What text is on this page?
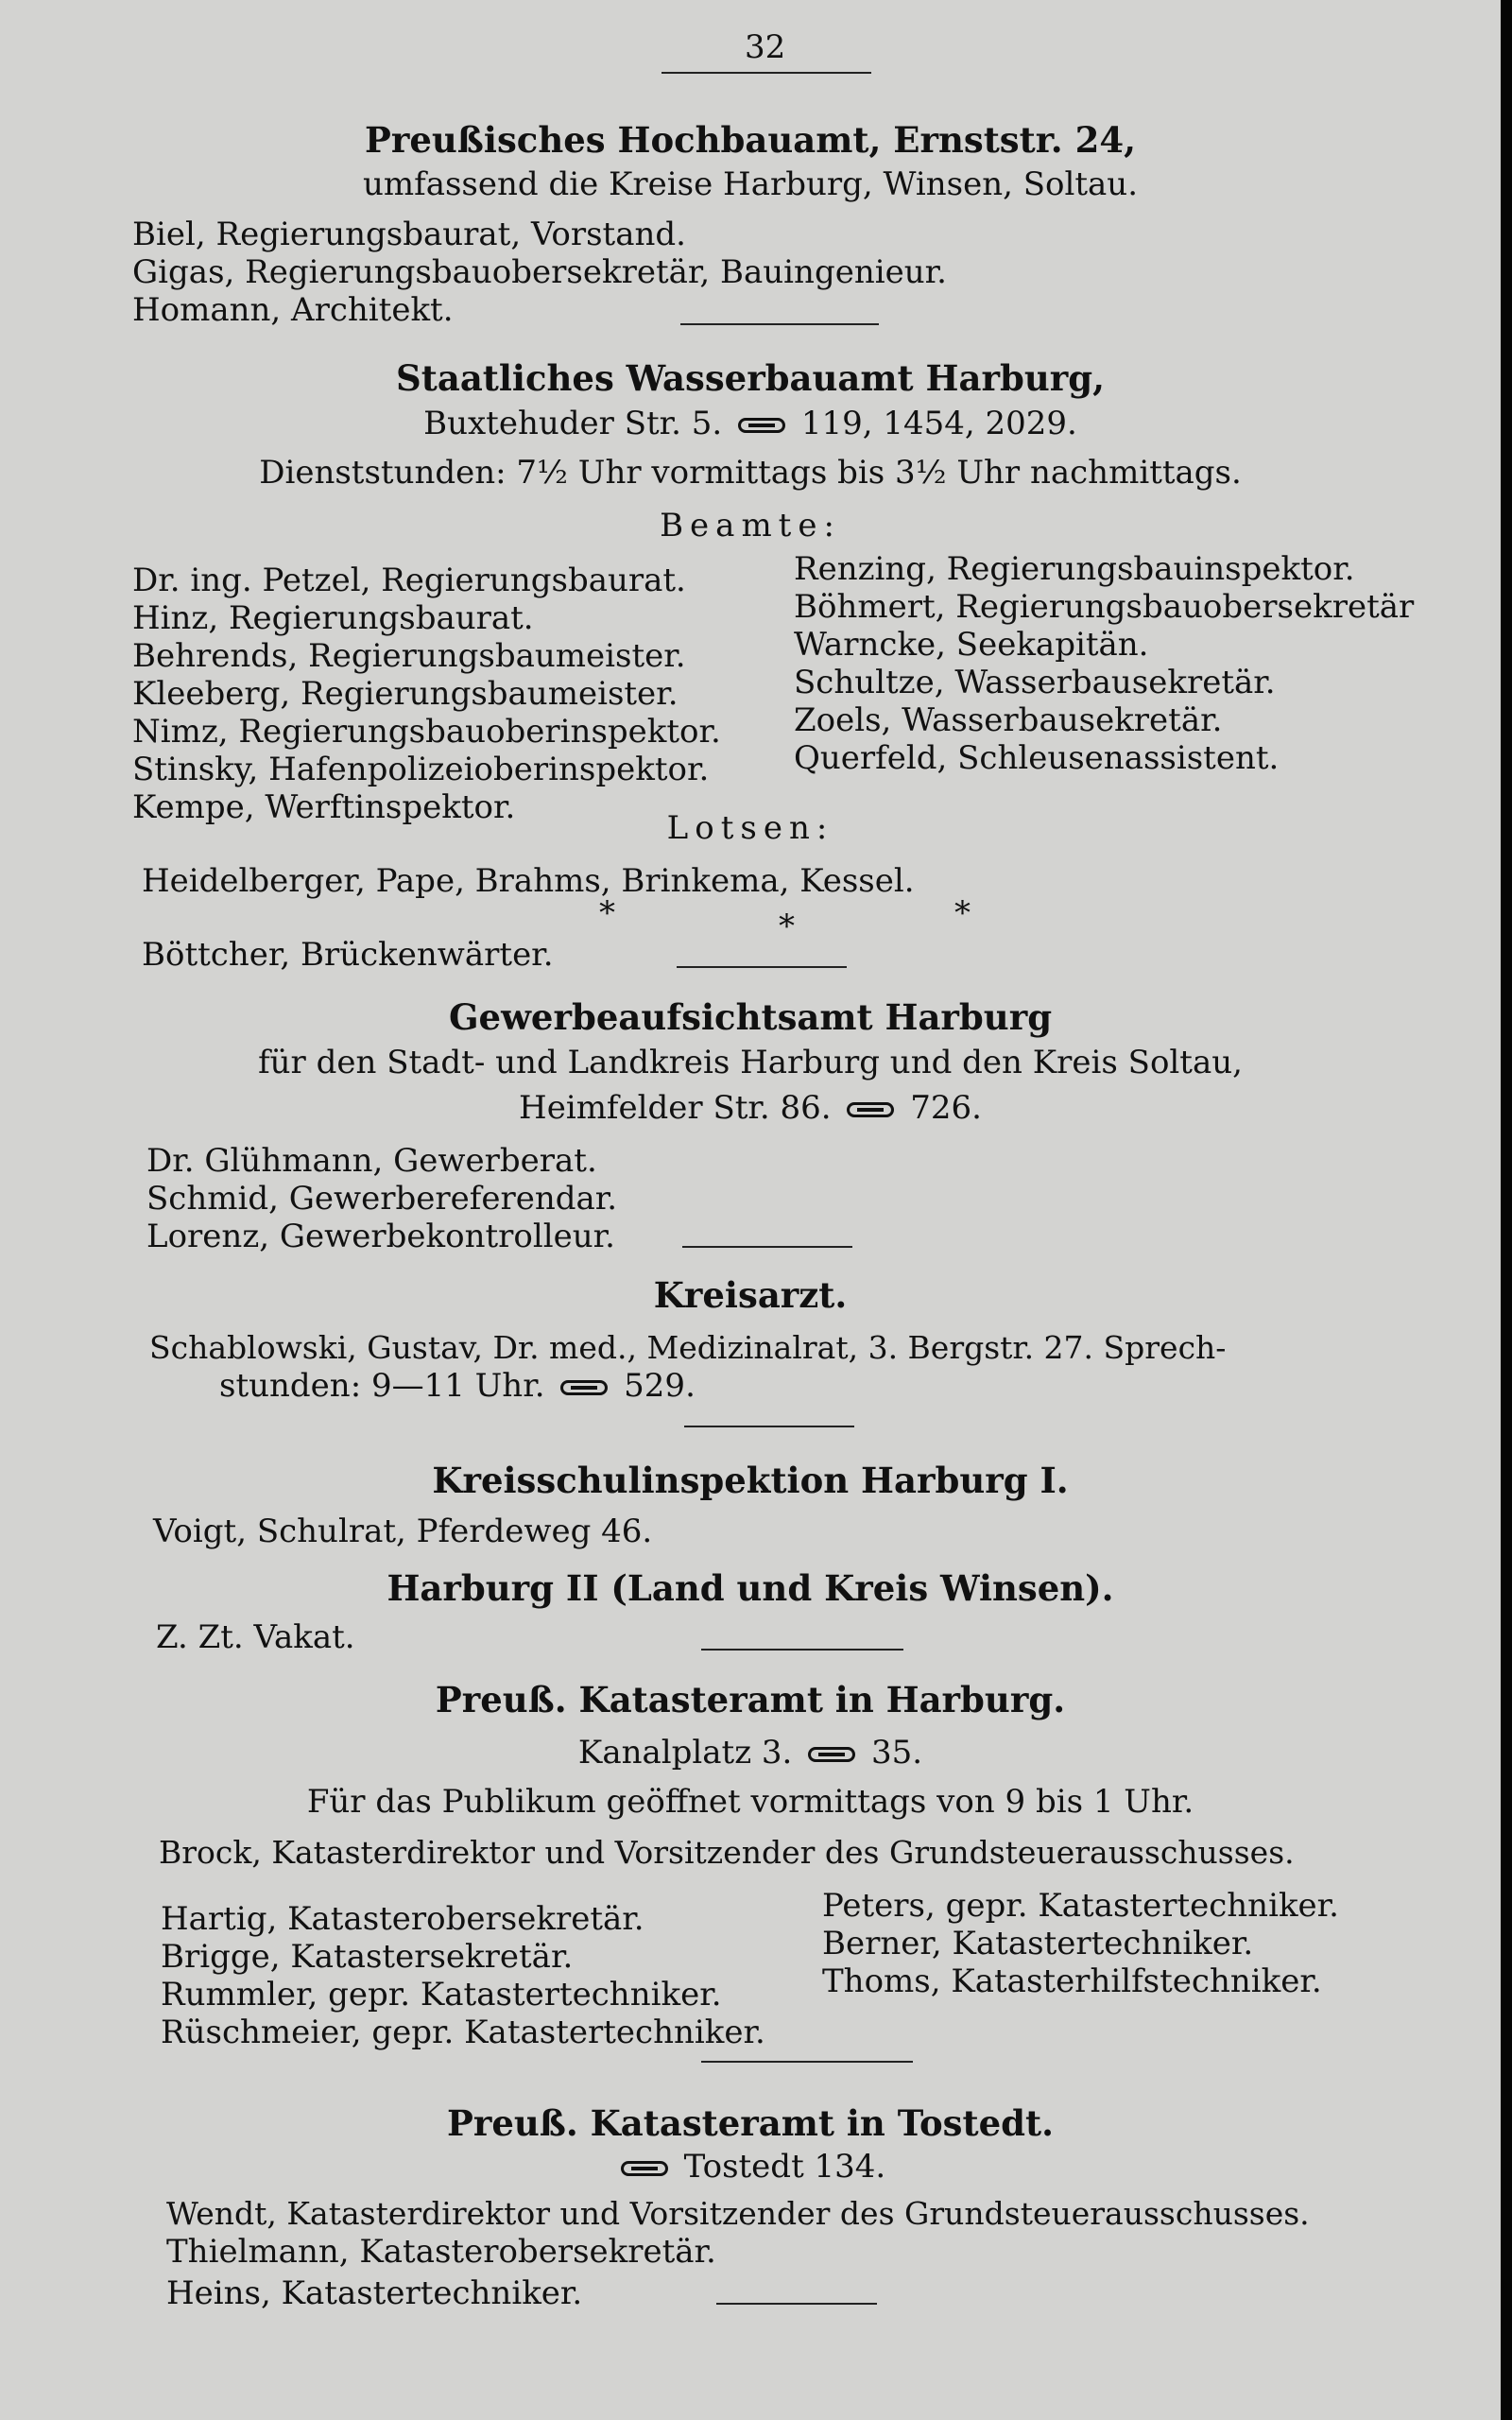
32
Preußisches Hochbauamt, Ernststr. 24,
umfassend die Kreise Harburg, Winsen, Soltau.
Biel, Regierungsbaurat, Vorstand.
Gigas, Regierungsbauobersekretär, Bauingenieur.
Homann, Architekt.
Staatliches Wasserbauamt Harburg,
Buxtehuder Str. 5. 119, 1454, 2029.
Dienststunden: 7½ Uhr vormittags bis 3½ Uhr nachmittags.
Beamte:
Dr. ing. Petzel, Regierungsbaurat.
Hinz, Regierungsbaurat.
Behrends, Regierungsbaumeister.
Kleeberg, Regierungsbaumeister.
Nimz, Regierungsbauoberinspektor.
Stinsky, Hafenpolizeioberinspektor.
Kempe, Werftinspektor.
Renzing, Regierungsbauinspektor.
Böhmert, Regierungsbauobersekretär
Warncke, Seekapitän.
Schultze, Wasserbausekretär.
Zoels, Wasserbausekretär.
Querfeld, Schleusenassistent.
Lotsen:
Heidelberger, Pape, Brahms, Brinkema, Kessel.
*	*	*
Böttcher, Brückenwärter.
Gewerbeaufsichtsamt Harburg
für den Stadt- und Landkreis Harburg und den Kreis Soltau,
Heimfelder Str. 86. 726.
Dr. Glühmann, Gewerberat.
Schmid, Gewerbereferendar.
Lorenz, Gewerbekontrolleur.
Kreisarzt.
Schablowski, Gustav, Dr. med., Medizinalrat, 3. Bergstr. 27. Sprech-
stunden: 9—11 Uhr. 529.
Kreisschulinspektion Harburg I.
Voigt, Schulrat, Pferdeweg 46.
Harburg II (Land und Kreis Winsen).
Z. Zt. Vakat.
Preuß. Katasteramt in Harburg.
Kanalplatz 3. 35.
Für das Publikum geöffnet vormittags von 9 bis 1 Uhr.
Brock, Katasterdirektor und Vorsitzender des Grundsteuerausschusses.
Hartig, Katasterobersekretär.
Brigge, Katastersekretär.
Rummler, gepr. Katastertechniker.
Rüschmeier, gepr. Katastertechniker.
Peters, gepr. Katastertechniker.
Berner, Katastertechniker.
Thoms, Katasterhilfstechniker.
Preuß. Katasteramt in Tostedt.
Tostedt 134.
Wendt, Katasterdirektor und Vorsitzender des Grundsteuerausschusses.
Thielmann, Katasterobersekretär.
Heins, Katastertechniker.
